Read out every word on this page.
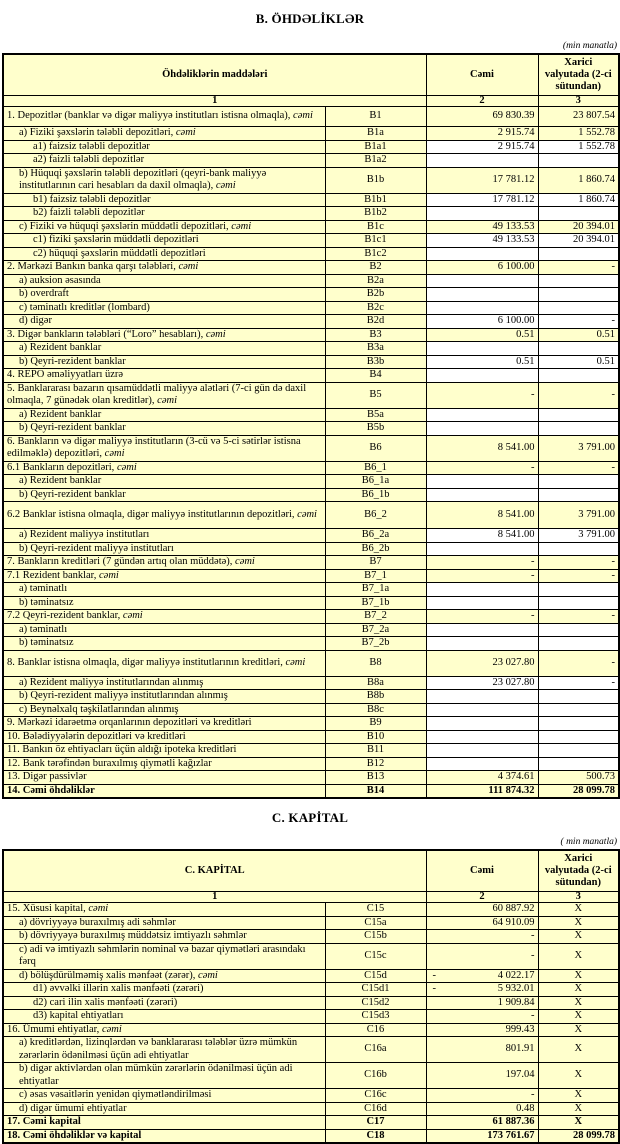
B. ÖHDƏLİKLƏR
(min manatla)
Öhdəliklərin maddələri		Cəmi	Xarici valyutada (2-ci sütundan)
1		2	3
1. Depozitlər (banklar və digər maliyyə institutları istisna olmaqla), cəmi	B1	69 830.39	23 807.54
a) Fiziki şəxslərin tələbli depozitləri, cəmi	B1a	2 915.74	1 552.78
a1) faizsiz tələbli depozitlər	B1a1	2 915.74	1 552.78
a2) faizli tələbli depozitlər	B1a2		
b) Hüquqi şəxslərin tələbli depozitləri (qeyri-bank maliyyə institutlarının cari hesabları da daxil olmaqla), cəmi	B1b	17 781.12	1 860.74
b1) faizsiz tələbli depozitlər	B1b1	17 781.12	1 860.74
b2) faizli tələbli depozitlər	B1b2		
c) Fiziki və hüquqi şəxslərin müddətli depozitləri, cəmi	B1c	49 133.53	20 394.01
c1) fiziki şəxslərin müddətli depozitləri	B1c1	49 133.53	20 394.01
c2) hüquqi şəxslərin müddətli depozitləri	B1c2		
2. Mərkəzi Bankın banka qarşı tələbləri, cəmi	B2	6 100.00	-
a) auksion əsasında	B2a		
b) overdraft	B2b		
c) təminatlı kreditlər (lombard)	B2c		
d) digər	B2d	6 100.00	-
3. Digər bankların tələbləri (“Loro” hesabları), cəmi	B3	0.51	0.51
a) Rezident banklar	B3a		
b) Qeyri-rezident banklar	B3b	0.51	0.51
4. REPO əməliyyatları üzrə	B4		
5. Banklararası bazarın qısamüddətli maliyyə alətləri (7-ci gün də daxil olmaqla, 7 günədək olan kreditlər), cəmi	B5	-	-
a) Rezident banklar	B5a		
b) Qeyri-rezident banklar	B5b		
6. Bankların və digər maliyyə institutların (3-cü və 5-ci sətirlər istisna edilməklə) depozitləri, cəmi	B6	8 541.00	3 791.00
6.1 Bankların depozitləri, cəmi	B6_1	-	-
a) Rezident banklar	B6_1a		
b) Qeyri-rezident banklar	B6_1b		
6.2 Banklar istisna olmaqla, digər maliyyə institutlarının depozitləri, cəmi	B6_2	8 541.00	3 791.00
a) Rezident maliyyə institutları	B6_2a	8 541.00	3 791.00
b) Qeyri-rezident maliyyə institutları	B6_2b		
7. Bankların kreditləri (7 gündən artıq olan müddətə), cəmi	B7	-	-
7.1 Rezident banklar, cəmi	B7_1	-	-
a) təminatlı	B7_1a		
b) təminatsız	B7_1b		
7.2 Qeyri-rezident banklar, cəmi	B7_2	-	-
a) təminatlı	B7_2a		
b) təminatsız	B7_2b		
8. Banklar istisna olmaqla, digər maliyyə institutlarının kreditləri, cəmi	B8	23 027.80	-
a) Rezident maliyyə institutlarından alınmış	B8a	23 027.80	-
b) Qeyri-rezident maliyyə institutlarından alınmış	B8b		
c) Beynəlxalq təşkilatlarından alınmış	B8c		
9. Mərkəzi idarəetmə orqanlarının depozitləri və kreditləri	B9		
10. Bələdiyyələrin depozitləri və kreditləri	B10		
11. Bankın öz ehtiyacları üçün aldığı ipoteka kreditləri	B11		
12. Bank tərəfindən buraxılmış qiymətli kağızlar	B12		
13. Digər passivlər	B13	4 374.61	500.73
14. Cəmi öhdəliklər	B14	111 874.32	28 099.78
C. KAPİTAL
( min manatla)
C. KAPİTAL		Cəmi	Xarici valyutada (2-ci sütundan)
1		2	3
15. Xüsusi kapital, cəmi	C15	60 887.92	X
a) dövriyyəyə buraxılmış adi səhmlər	C15a	64 910.09	X
b) dövriyyəyə buraxılmış müddətsiz imtiyazlı səhmlər	C15b	-	X
c) adi və imtiyazlı səhmlərin nominal və bazar qiymətləri arasındakı fərq	C15c	-	X
d) bölüşdürülməmiş xalis mənfəət (zərər), cəmi	C15d	- 4 022.17	X
d1) əvvəlki illərin xalis mənfəəti (zərəri)	C15d1	- 5 932.01	X
d2) cari ilin xalis mənfəəti (zərəri)	C15d2	1 909.84	X
d3) kapital ehtiyatları	C15d3	-	X
16. Ümumi ehtiyatlar, cəmi	C16	999.43	X
a) kreditlərdən, lizinqlərdən və banklararası tələblər üzrə mümkün zərərlərin ödənilməsi üçün adi ehtiyatlar	C16a	801.91	X
b) digər aktivlərdən olan mümkün zərərlərin ödənilməsi üçün adi ehtiyatlar	C16b	197.04	X
c) əsas vəsaitlərin yenidən qiymətləndirilməsi	C16c	-	X
d) digər ümumi ehtiyatlar	C16d	0.48	X
17. Cəmi kapital	C17	61 887.36	X
18. Cəmi öhdəliklər və kapital	C18	173 761.67	28 099.78
